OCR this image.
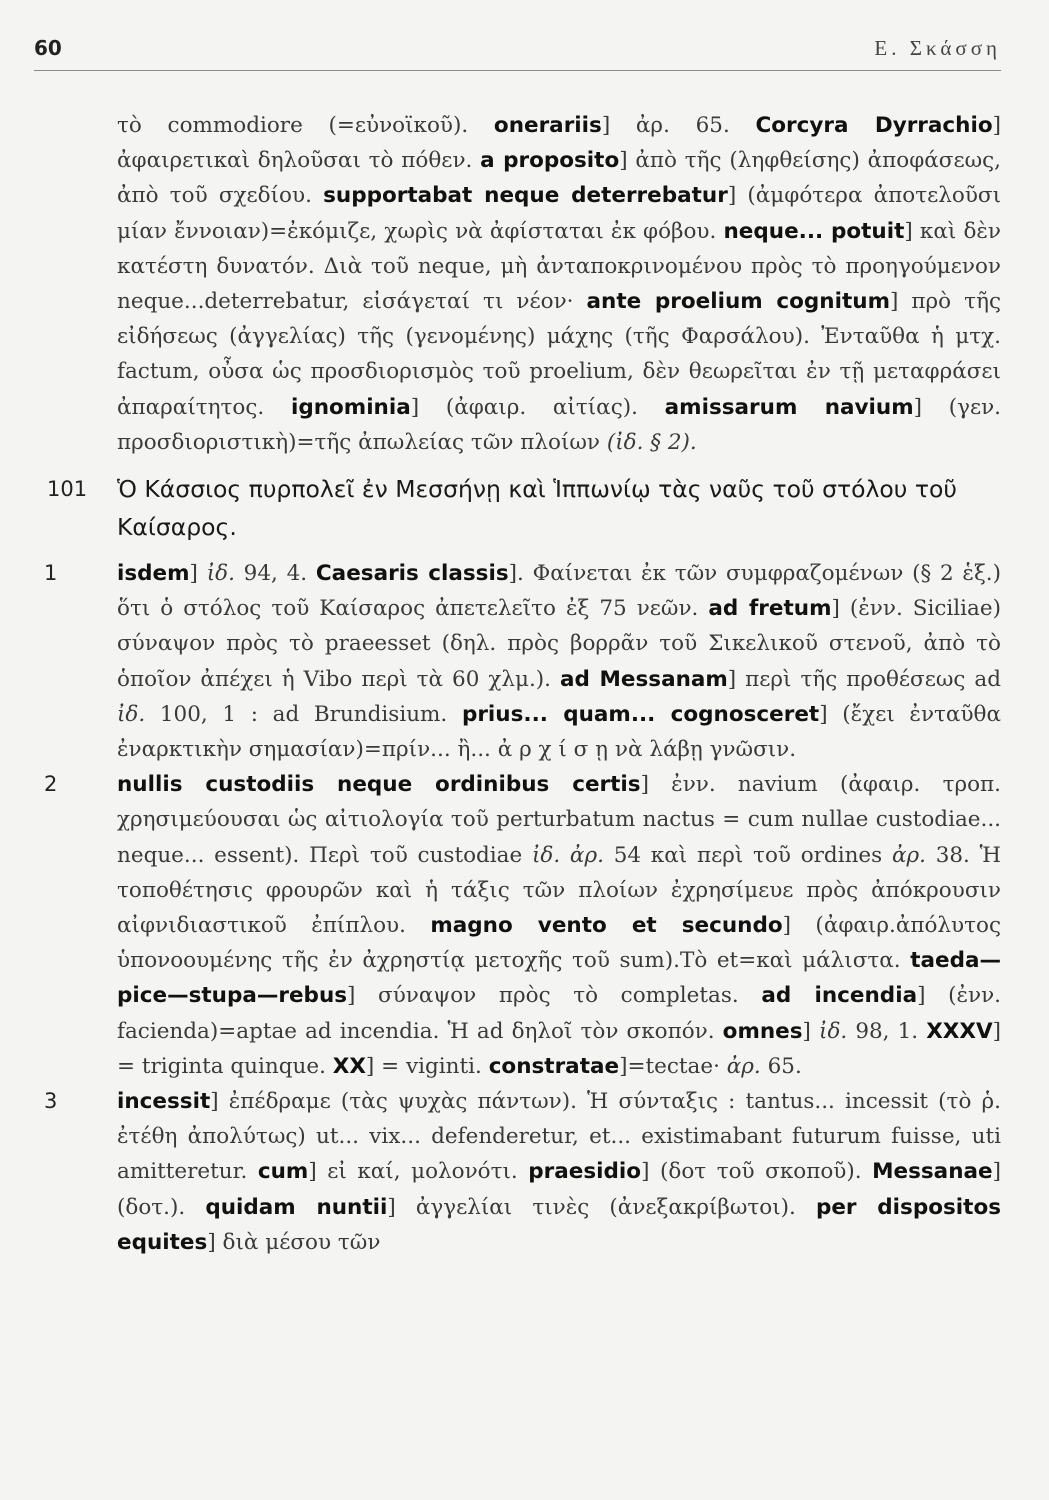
60	Ε. Σκάσση

τὸ commodiore (=εὐνοϊκοῦ). onerariis] ἀρ. 65. Corcyra Dyrrachio] ἀφαιρετικαὶ δηλοῦσαι τὸ πόθεν. a proposito] ἀπὸ τῆς (ληφθείσης) ἀποφάσεως, ἀπὸ τοῦ σχεδίου. supportabat neque deterrebatur] (ἀμφότερα ἀποτελοῦσι μίαν ἔννοιαν)=ἐκόμιζε, χωρὶς νὰ ἀφίσταται ἐκ φόβου. neque... potuit] καὶ δὲν κατέστη δυνατόν. Διὰ τοῦ neque, μὴ ἀνταποκρινομένου πρὸς τὸ προηγούμενον neque...deterrebatur, εἰσάγεταί τι νέον· ante proelium cognitum] πρὸ τῆς εἰδήσεως (ἀγγελίας) τῆς (γενομένης) μάχης (τῆς Φαρσάλου). Ἐνταῦθα ἡ μτχ. factum, οὖσα ὡς προσδιορισμὸς τοῦ proelium, δὲν θεωρεῖται ἐν τῇ μεταφράσει ἀπαραίτητος. ignominia] (ἀφαιρ. αἰτίας). amissarum navium] (γεν. προσδιοριστικὴ)=τῆς ἀπωλείας τῶν πλοίων (ἰδ. § 2).

101 Ὁ Κάσσιος πυρπολεῖ ἐν Μεσσήνῃ καὶ Ἱππωνίῳ τὰς ναῦς τοῦ στόλου τοῦ Καίσαρος.
1	isdem] ἰδ. 94, 4. Caesaris classis]. Φαίνεται ἐκ τῶν συμφραζομένων (§ 2 ἑξ.) ὅτι ὁ στόλος τοῦ Καίσαρος ἀπετελεῖτο ἐξ 75 νεῶν. ad fretum] (ἐνν. Siciliae) σύναψον πρὸς τὸ praeesset (δηλ. πρὸς βορρᾶν τοῦ Σικελικοῦ στενοῦ, ἀπὸ τὸ ὁποῖον ἀπέχει ἡ Vibo περὶ τὰ 60 χλμ.). ad Messanam] περὶ τῆς προθέσεως ad ἰδ. 100, 1 : ad Brundisium. prius... quam... cognosceret] (ἔχει ἐνταῦθα ἐναρκτικὴν σημασίαν)=πρίν... ἢ... ἀ ρ χ ί σ ῃ νὰ λάβῃ γνῶσιν.

2	nullis custodiis neque ordinibus certis] ἐνν. navium (ἀφαιρ. τροπ. χρησιμεύουσαι ὡς αἰτιολογία τοῦ perturbatum nactus = cum nullae custodiae... neque... essent). Περὶ τοῦ custodiae ἰδ. ἀρ. 54 καὶ περὶ τοῦ ordines ἀρ. 38. Ἡ τοποθέτησις φρουρῶν καὶ ἡ τάξις τῶν πλοίων ἐχρησίμευε πρὸς ἀπόκρουσιν αἰφνιδιαστικοῦ ἐπίπλου. magno vento et secundo] (ἀφαιρ.ἀπόλυτος ὑπονοουμένης τῆς ἐν ἀχρηστίᾳ μετοχῆς τοῦ sum).Τὸ et=καὶ μάλιστα. taeda—pice—stupa—rebus] σύναψον πρὸς τὸ completas. ad incendia] (ἐνν. facienda)=aptae ad incendia. Ἡ ad δηλοῖ τὸν σκοπόν. omnes] ἰδ. 98, 1. XXXV] = triginta quinque. XX] = viginti. constratae]=tectae· ἀρ. 65.

3	incessit] ἐπέδραμε (τὰς ψυχὰς πάντων). Ἡ σύνταξις : tantus... incessit (τὸ ῥ. ἐτέθη ἀπολύτως) ut... vix... defenderetur, et... existimabant futurum fuisse, uti amitteretur. cum] εἰ καί, μολονότι. praesidio] (δοτ τοῦ σκοποῦ). Messanae](δοτ.). quidam nuntii] ἀγγελίαι τινὲς (ἀνεξακρίβωτοι). per dispositos equites] διὰ μέσου τῶν
